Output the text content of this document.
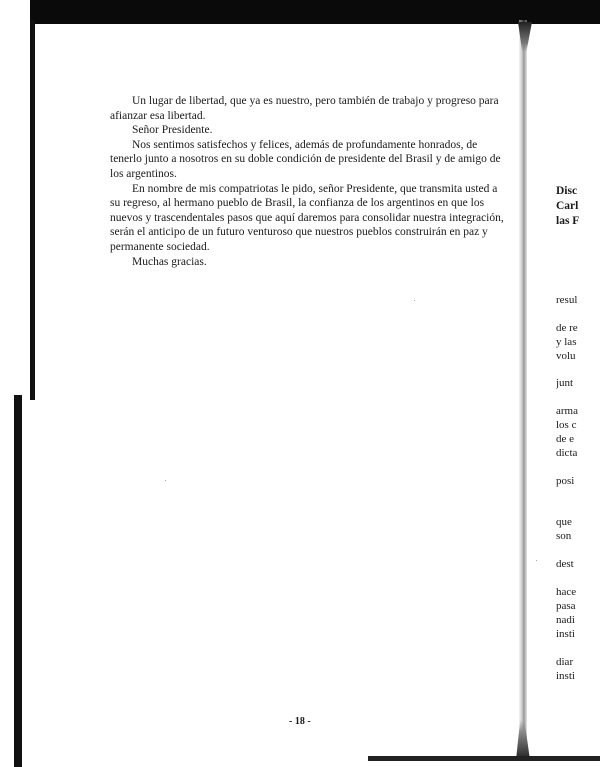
Un lugar de libertad, que ya es nuestro, pero también de trabajo y progreso para afianzar esa libertad.

Señor Presidente.

Nos sentimos satisfechos y felices, además de profundamente honrados, de tenerlo junto a nosotros en su doble condición de presidente del Brasil y de amigo de los argentinos.

En nombre de mis compatriotas le pido, señor Presidente, que transmita usted a su regreso, al hermano pueblo de Brasil, la confianza de los argentinos en que los nuevos y trascendentales pasos que aquí daremos para consolidar nuestra integración, serán el anticipo de un futuro venturoso que nuestros pueblos construirán en paz y permanente sociedad.

Muchas gracias.

- 18 -
Disc
Carl
las F
resul
de re
y las
volu
junt
arma
los c
de e
dicta
posi
que
son
dest
hace
pasa
nadi
insti
diar
insti
